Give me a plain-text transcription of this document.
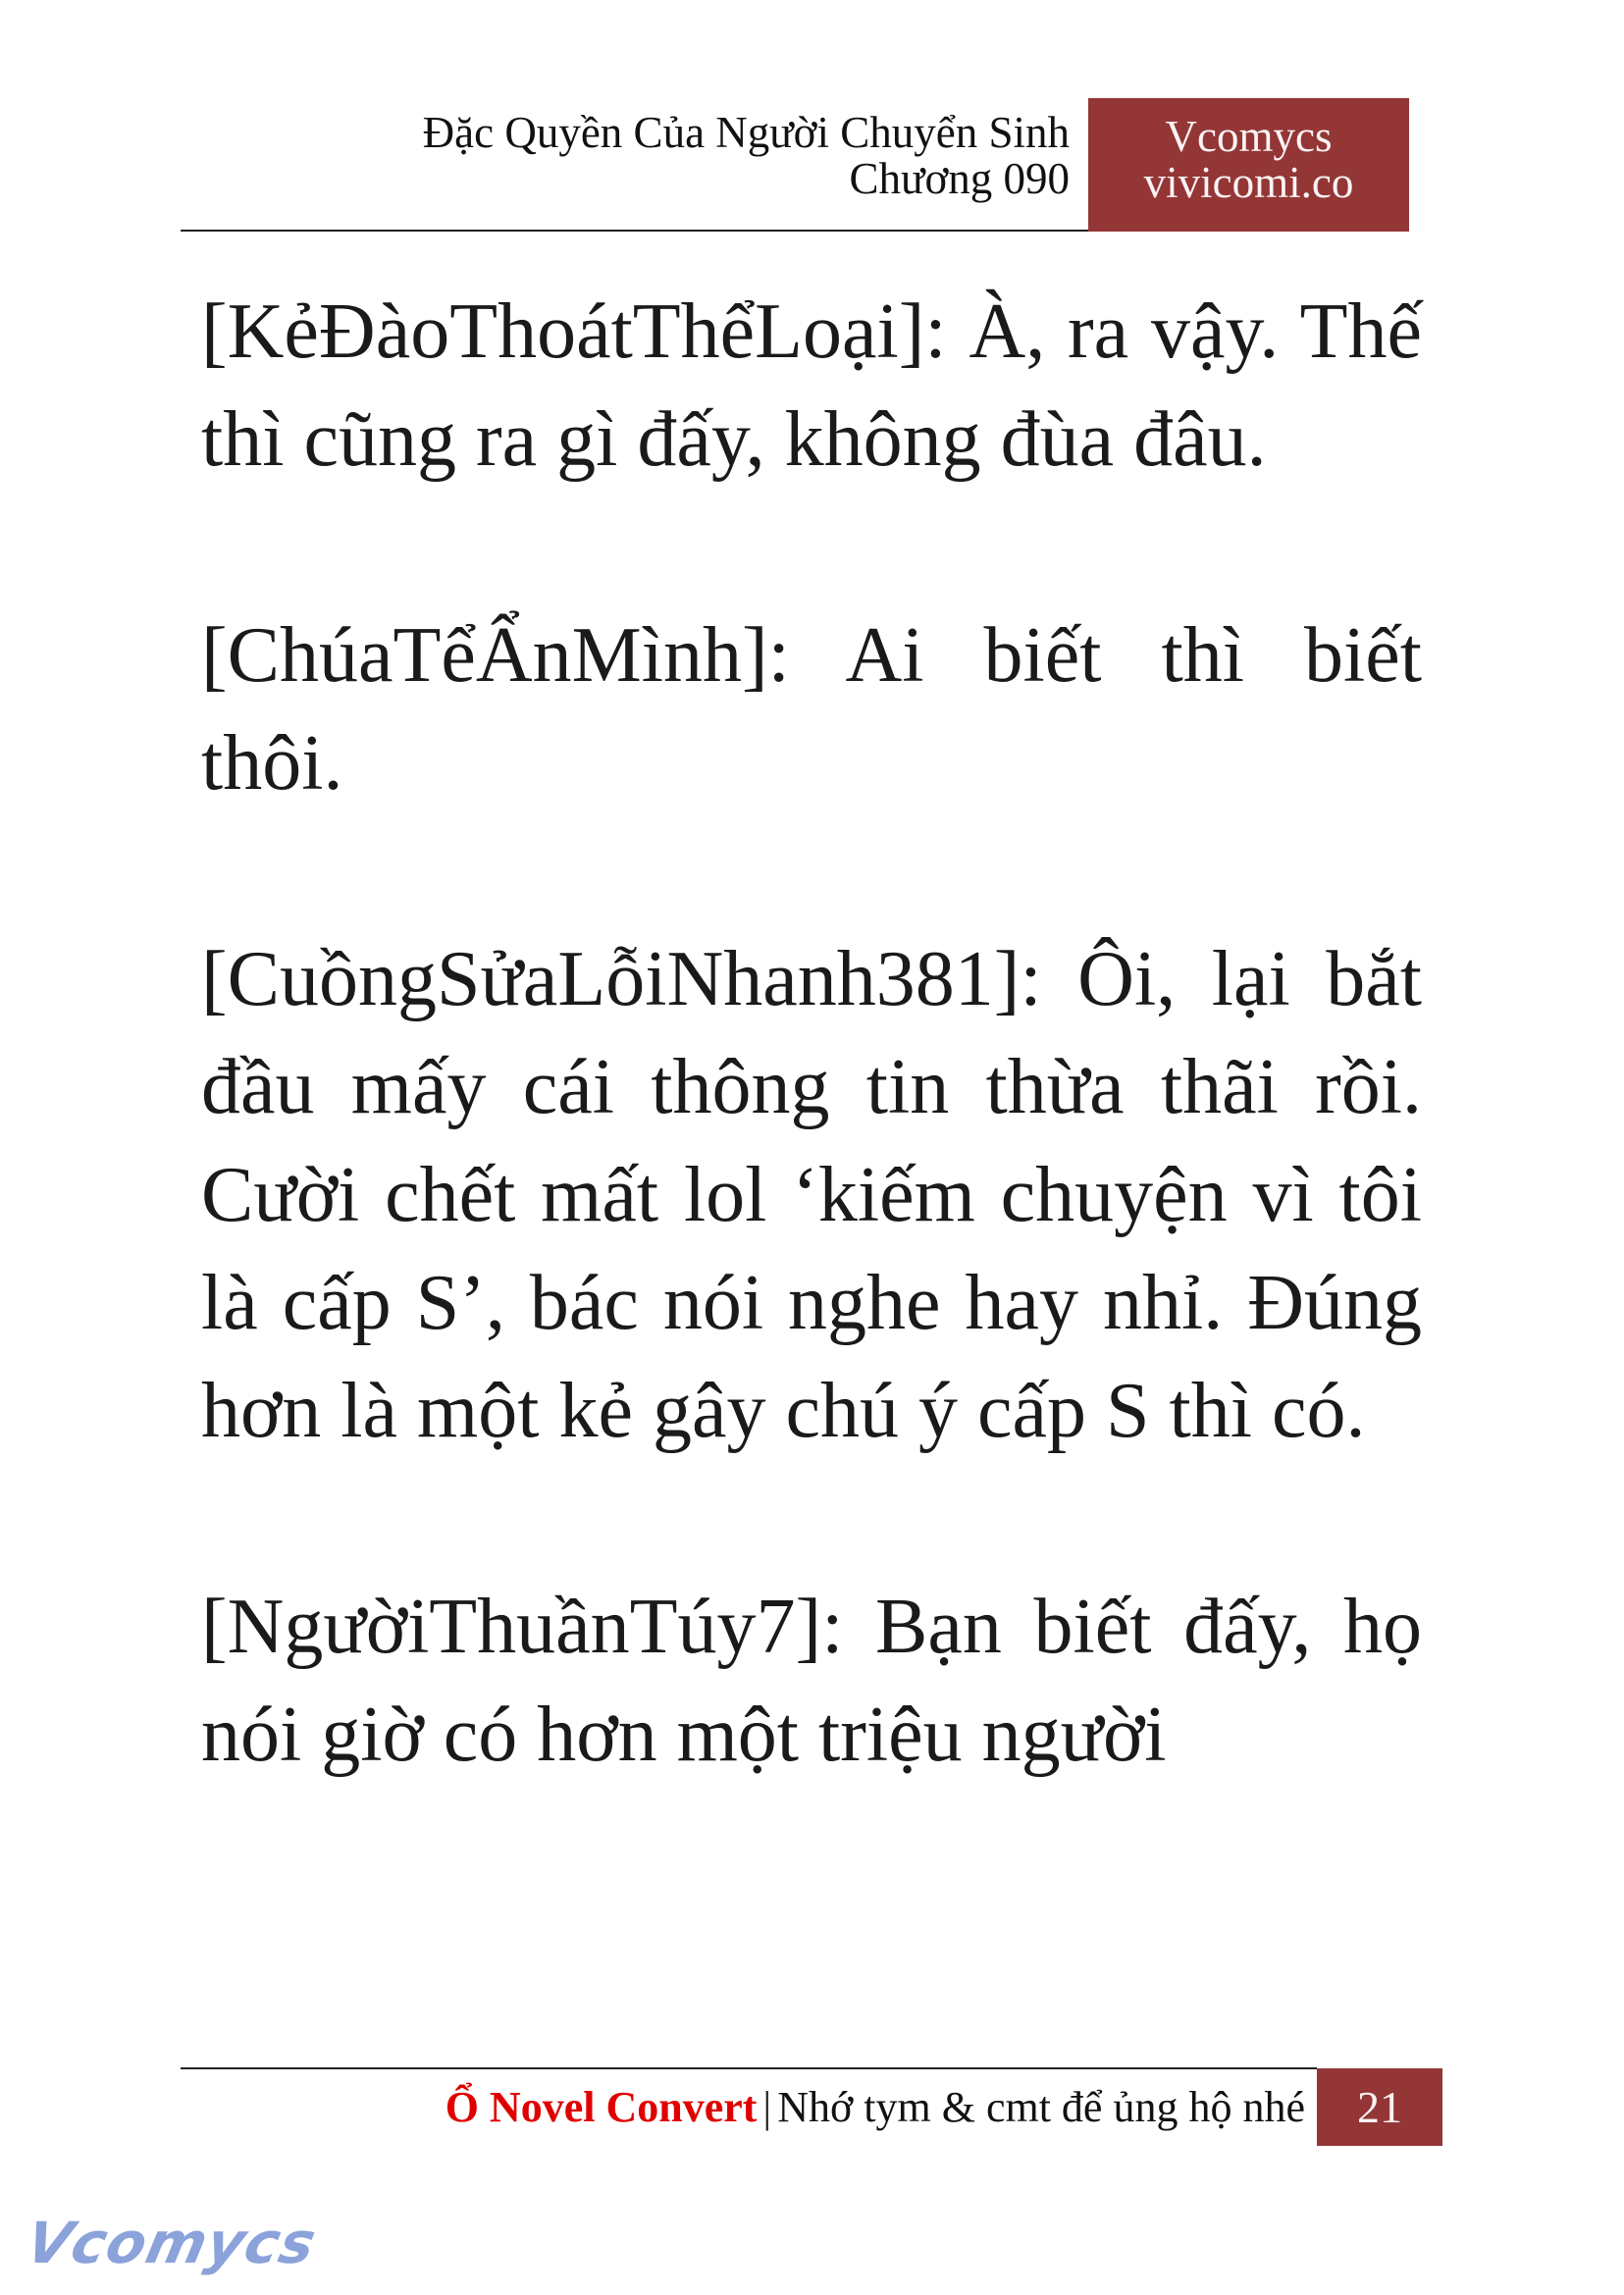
Đặc Quyền Của Người Chuyển Sinh
Chương 090
Vcomycs
vivicomi.co

[KẻĐàoThoátThểLoại]: À, ra vậy. Thế thì cũng ra gì đấy, không đùa đâu.

[ChúaTểẨnMình]: Ai biết thì biết thôi.

[CuồngSửaLỗiNhanh381]: Ôi, lại bắt đầu mấy cái thông tin thừa thãi rồi. Cười chết mất lol ‘kiếm chuyện vì tôi là cấp S’, bác nói nghe hay nhỉ. Đúng hơn là một kẻ gây chú ý cấp S thì có.

[NgườiThuầnTúy7]: Bạn biết đấy, họ nói giờ có hơn một triệu người

Ổ Novel Convert | Nhớ tym & cmt để ủng hộ nhé	21
Vcomycs
